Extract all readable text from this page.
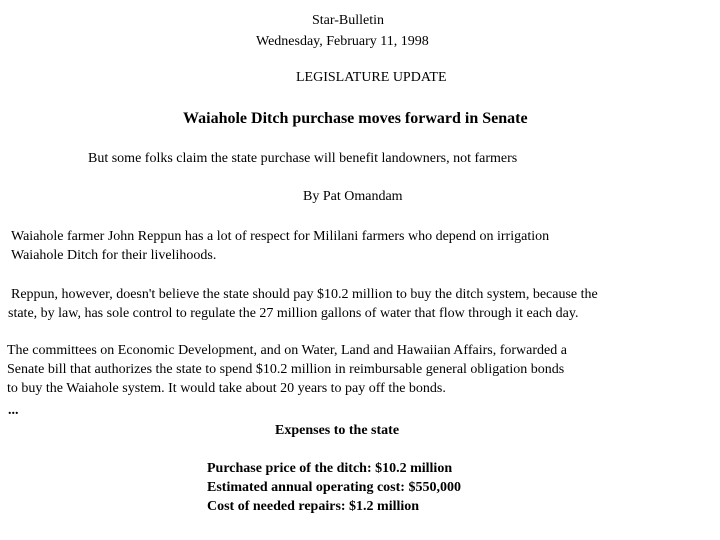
Star-Bulletin
Wednesday, February 11, 1998
LEGISLATURE UPDATE
Waiahole Ditch purchase moves forward in Senate
But some folks claim the state purchase will benefit landowners, not farmers
By Pat Omandam
Waiahole farmer John Reppun has a lot of respect for Mililani farmers who depend on irrigation
Waiahole Ditch for their livelihoods.
Reppun, however, doesn't believe the state should pay $10.2 million to buy the ditch system, because the
state, by law, has sole control to regulate the 27 million gallons of water that flow through it each day.
The committees on Economic Development, and on Water, Land and Hawaiian Affairs, forwarded a
Senate bill that authorizes the state to spend $10.2 million in reimbursable general obligation bonds
to buy the Waiahole system. It would take about 20 years to pay off the bonds.
...
Expenses to the state
Purchase price of the ditch: $10.2 million
Estimated annual operating cost: $550,000
Cost of needed repairs: $1.2 million
